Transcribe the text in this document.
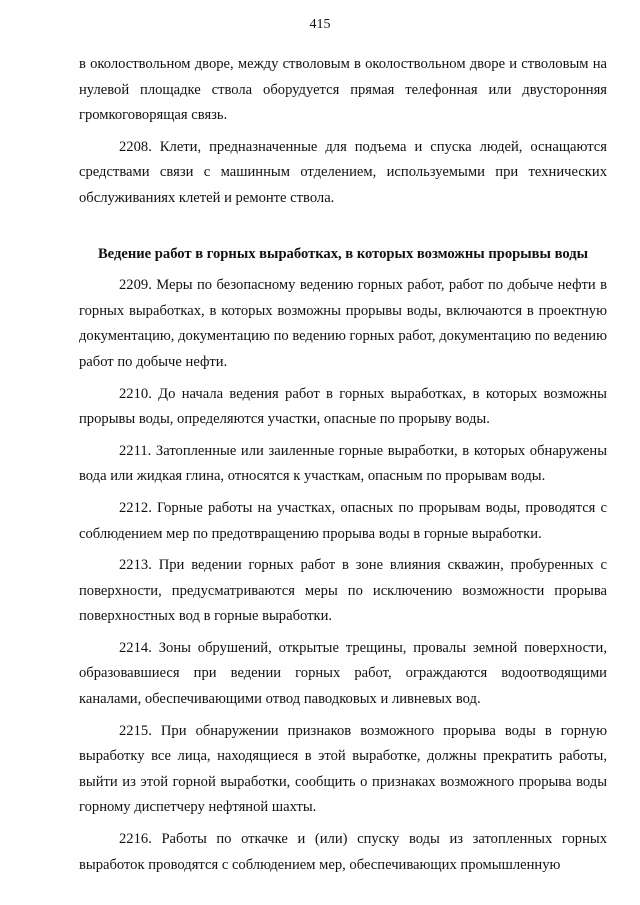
415

в околоствольном дворе, между стволовым в околоствольном дворе и стволовым на нулевой площадке ствола оборудуется прямая телефонная или двусторонняя громкоговорящая связь.

2208. Клети, предназначенные для подъема и спуска людей, оснащаются средствами связи с машинным отделением, используемыми при технических обслуживаниях клетей и ремонте ствола.

Ведение работ в горных выработках, в которых возможны прорывы воды

2209. Меры по безопасному ведению горных работ, работ по добыче нефти в горных выработках, в которых возможны прорывы воды, включаются в проектную документацию, документацию по ведению горных работ, документацию по ведению работ по добыче нефти.

2210. До начала ведения работ в горных выработках, в которых возможны прорывы воды, определяются участки, опасные по прорыву воды.

2211. Затопленные или заиленные горные выработки, в которых обнаружены вода или жидкая глина, относятся к участкам, опасным по прорывам воды.

2212. Горные работы на участках, опасных по прорывам воды, проводятся с соблюдением мер по предотвращению прорыва воды в горные выработки.

2213. При ведении горных работ в зоне влияния скважин, пробуренных с поверхности, предусматриваются меры по исключению возможности прорыва поверхностных вод в горные выработки.

2214. Зоны обрушений, открытые трещины, провалы земной поверхности, образовавшиеся при ведении горных работ, ограждаются водоотводящими каналами, обеспечивающими отвод паводковых и ливневых вод.

2215. При обнаружении признаков возможного прорыва воды в горную выработку все лица, находящиеся в этой выработке, должны прекратить работы, выйти из этой горной выработки, сообщить о признаках возможного прорыва воды горному диспетчеру нефтяной шахты.

2216. Работы по откачке и (или) спуску воды из затопленных горных выработок проводятся с соблюдением мер, обеспечивающих промышленную
